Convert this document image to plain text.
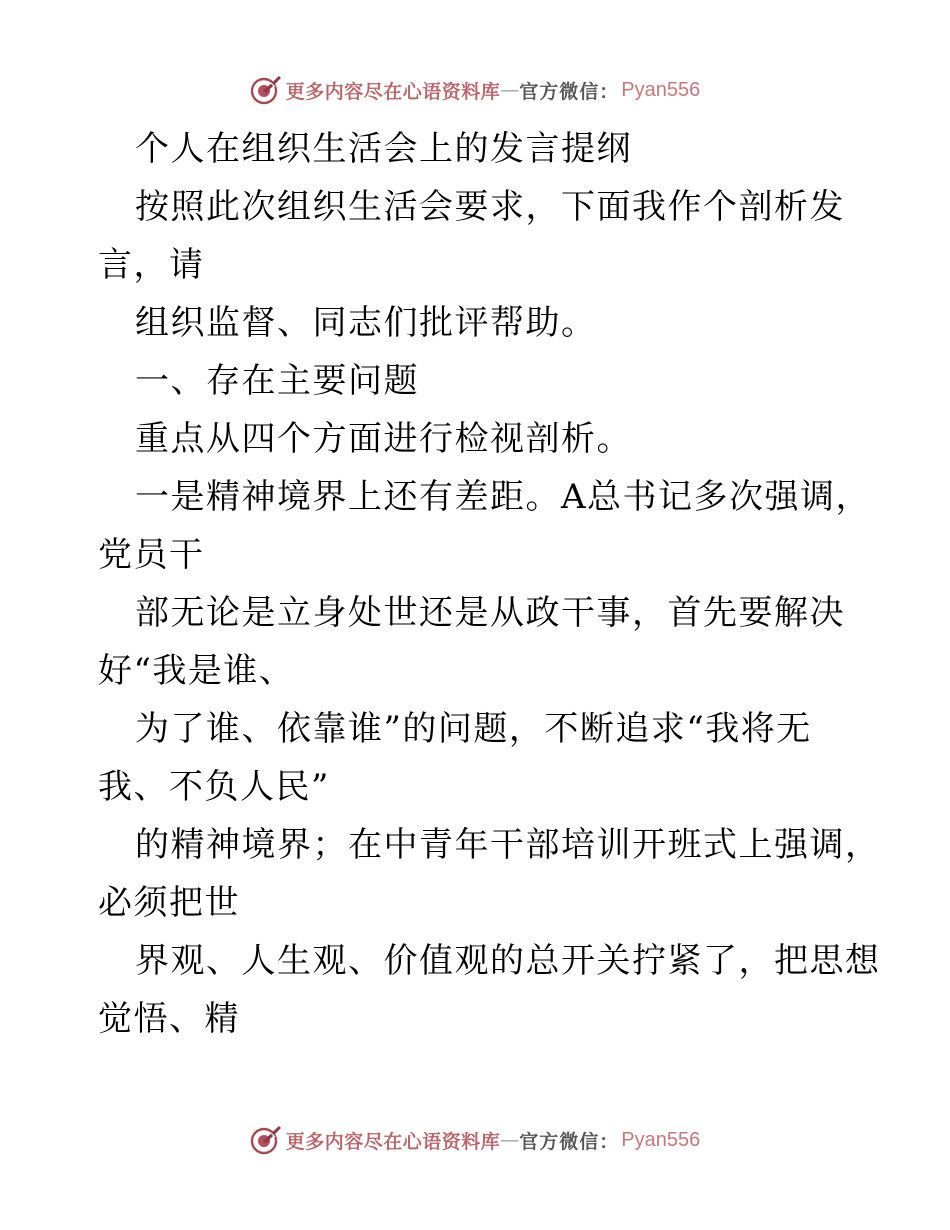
更多内容尽在心语资料库 — 官方微信： Pyan556
个人在组织生活会上的发言提纲
按照此次组织生活会要求，下面我作个剖析发
言，请
组织监督、同志们批评帮助。
一、存在主要问题
重点从四个方面进行检视剖析。
一是精神境界上还有差距。A总书记多次强调，
党员干
部无论是立身处世还是从政干事，首先要解决
好“我是谁、
为了谁、依靠谁”的问题，不断追求“我将无
我、不负人民”
的精神境界；在中青年干部培训开班式上强调，
必须把世
界观、人生观、价值观的总开关拧紧了，把思想
觉悟、精
更多内容尽在心语资料库 — 官方微信： Pyan556
